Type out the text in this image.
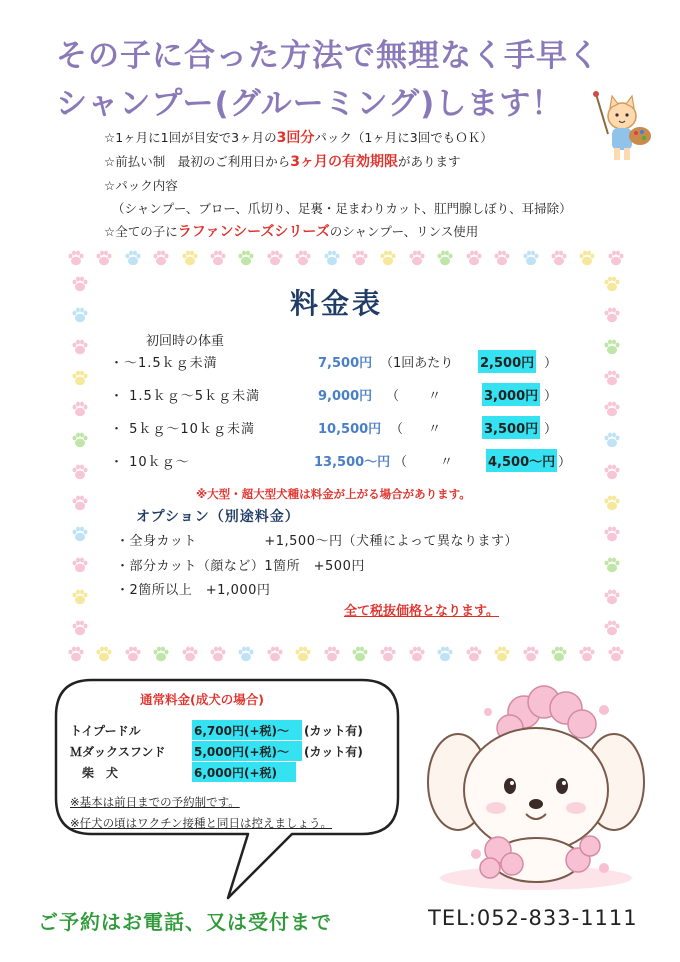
その子に合った方法で無理なく手早く
シャンプー(グルーミング)します！
☆1ヶ月に1回が目安で3ヶ月の3回分パック（1ヶ月に3回でもＯＫ）
☆前払い制　最初のご利用日から3ヶ月の有効期限があります
☆パック内容
（シャンプー、ブロー、爪切り、足裏・足まわりカット、肛門腺しぼり、耳掃除）
☆全ての子にラファンシーズシリーズのシャンプー、リンス使用
料金表
初回時の体重
・～1.5ｋｇ未満	7,500円 （1回あたり 2,500円 ）
・ 1.5ｋｇ～5ｋｇ未満	9,000円 （ 〃	3,000円 ）
・ 5ｋｇ～10ｋｇ未満	10,500円 （ 〃	3,500円 ）
・ 10ｋｇ～	13,500～円 （	〃	4,500～円 ）
※大型・超大型犬種は料金が上がる場合があります。
オプション（別途料金）
・全身カット　　　　　+1,500～円（犬種によって異なります）
・部分カット（顔など）1箇所　+500円
・2箇所以上　+1,000円
全て税抜価格となります。
通常料金(成犬の場合)
トイプードル	6,700円(+税)～	(カット有)
Ｍダックスフンド 5,000円(+税)～	(カット有)
　柴　犬	6,000円(+税)
※基本は前日までの予約制です。
※仔犬の頃はワクチン接種と同日は控えましょう。
ご予約はお電話、又は受付まで	TEL:052-833-1111
